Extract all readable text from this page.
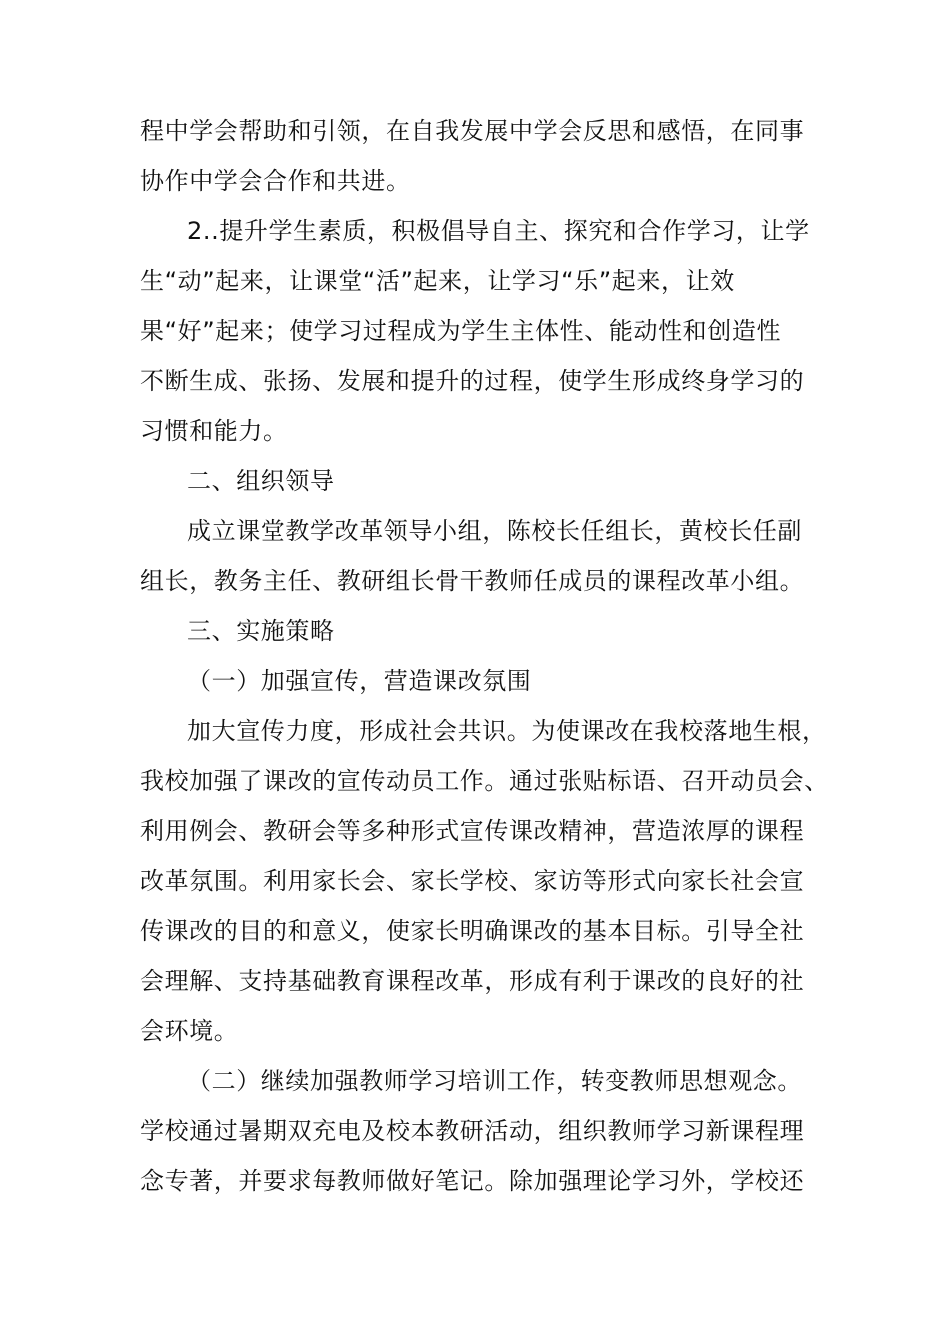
程中学会帮助和引领，在自我发展中学会反思和感悟，在同事
协作中学会合作和共进。
2..提升学生素质，积极倡导自主、探究和合作学习，让学
生“动”起来，让课堂“活”起来，让学习“乐”起来，让效
果“好”起来；使学习过程成为学生主体性、能动性和创造性
不断生成、张扬、发展和提升的过程，使学生形成终身学习的
习惯和能力。
二、组织领导
成立课堂教学改革领导小组，陈校长任组长，黄校长任副
组长，教务主任、教研组长骨干教师任成员的课程改革小组。
三、实施策略
（一）加强宣传，营造课改氛围
加大宣传力度，形成社会共识。为使课改在我校落地生根，
我校加强了课改的宣传动员工作。通过张贴标语、召开动员会、
利用例会、教研会等多种形式宣传课改精神，营造浓厚的课程
改革氛围。利用家长会、家长学校、家访等形式向家长社会宣
传课改的目的和意义，使家长明确课改的基本目标。引导全社
会理解、支持基础教育课程改革，形成有利于课改的良好的社
会环境。
（二）继续加强教师学习培训工作，转变教师思想观念。
学校通过暑期双充电及校本教研活动，组织教师学习新课程理
念专著，并要求每教师做好笔记。除加强理论学习外，学校还
